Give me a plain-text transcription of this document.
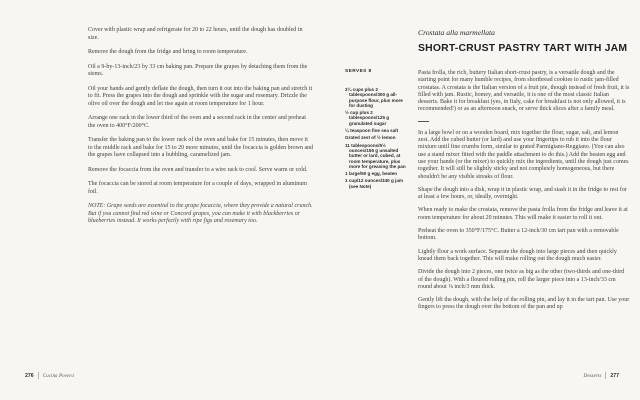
Cover with plastic wrap and refrigerate for 20 to 22 hours, until the dough has doubled in size.

Remove the dough from the fridge and bring to room temperature.

Oil a 9-by-13-inch/23 by 33 cm baking pan. Prepare the grapes by detaching them from the stems.

Oil your hands and gently deflate the dough, then turn it out into the baking pan and stretch it to fit. Press the grapes into the dough and sprinkle with the sugar and rosemary. Drizzle the olive oil over the dough and let rise again at room temperature for 1 hour.

Arrange one rack in the lower third of the oven and a second rack in the center and preheat the oven to 400°F/200°C.

Transfer the baking pan to the lower rack of the oven and bake for 15 minutes, then move it to the middle rack and bake for 15 to 20 more minutes, until the focaccia is golden brown and the grapes have collapsed into a bubbling, caramelized jam.

Remove the focaccia from the oven and transfer to a wire rack to cool. Serve warm or cold.

The focaccia can be stored at room temperature for a couple of days, wrapped in aluminum foil.

NOTE: Grape seeds are essential to the grape focaccia, where they provide a natural crunch. But if you cannot find red wine or Concord grapes, you can make it with blackberries or blueberries instead. It works perfectly with ripe figs and rosemary too.

SERVES 8
2¼ cups plus 2 tablespoons/300 g all-purpose flour, plus more for dusting
½ cup plus 2 tablespoons/125 g granulated sugar
¼ teaspoon fine sea salt
Grated zest of ½ lemon
11 tablespoons/5½ ounces/155 g unsalted butter or lard, cubed, at room temperature, plus more for greasing the pan
1 large/50 g egg, beaten
1 cup/12 ounces/340 g jam (see Note)
Crostata alla marmellata
SHORT-CRUST PASTRY TART WITH JAM

Pasta frolla, the rich, buttery Italian short-crust pastry, is a versatile dough and the starting point for many humble recipes, from shortbread cookies to rustic jam-filled crostatas. A crostata is the Italian version of a fruit pie, though instead of fresh fruit, it is filled with jam. Rustic, homey, and versatile, it is one of the most classic Italian desserts. Bake it for breakfast (yes, in Italy, cake for breakfast is not only allowed, it is recommended!) or as an afternoon snack, or serve thick slices after a family meal.

In a large bowl or on a wooden board, mix together the flour, sugar, salt, and lemon zest. Add the cubed butter (or lard) and use your fingertips to rub it into the flour mixture until fine crumbs form, similar to grated Parmigiano-Reggiano. (You can also use a stand mixer fitted with the paddle attachment to do this.) Add the beaten egg and use your hands (or the mixer) to quickly mix the ingredients, until the dough just comes together. It will still be slightly sticky and not completely homogeneous, but there shouldn't be any visible streaks of flour.

Shape the dough into a disk, wrap it in plastic wrap, and stash it in the fridge to rest for at least a few hours, or, ideally, overnight.

When ready to make the crostata, remove the pasta frolla from the fridge and leave it at room temperature for about 20 minutes. This will make it easier to roll it out.

Preheat the oven to 350°F/175°C. Butter a 12-inch/30 cm tart pan with a removable bottom.

Lightly flour a work surface. Separate the dough into large pieces and then quickly knead them back together. This will make rolling out the dough much easier.

Divide the dough into 2 pieces, one twice as big as the other (two-thirds and one-third of the dough). With a floured rolling pin, roll the larger piece into a 13-inch/33 cm round about ⅛ inch/3 mm thick.

Gently lift the dough, with the help of the rolling pin, and lay it in the tart pan. Use your fingers to press the dough over the bottom of the pan and up

276 Cucina Povera	Desserts 277
